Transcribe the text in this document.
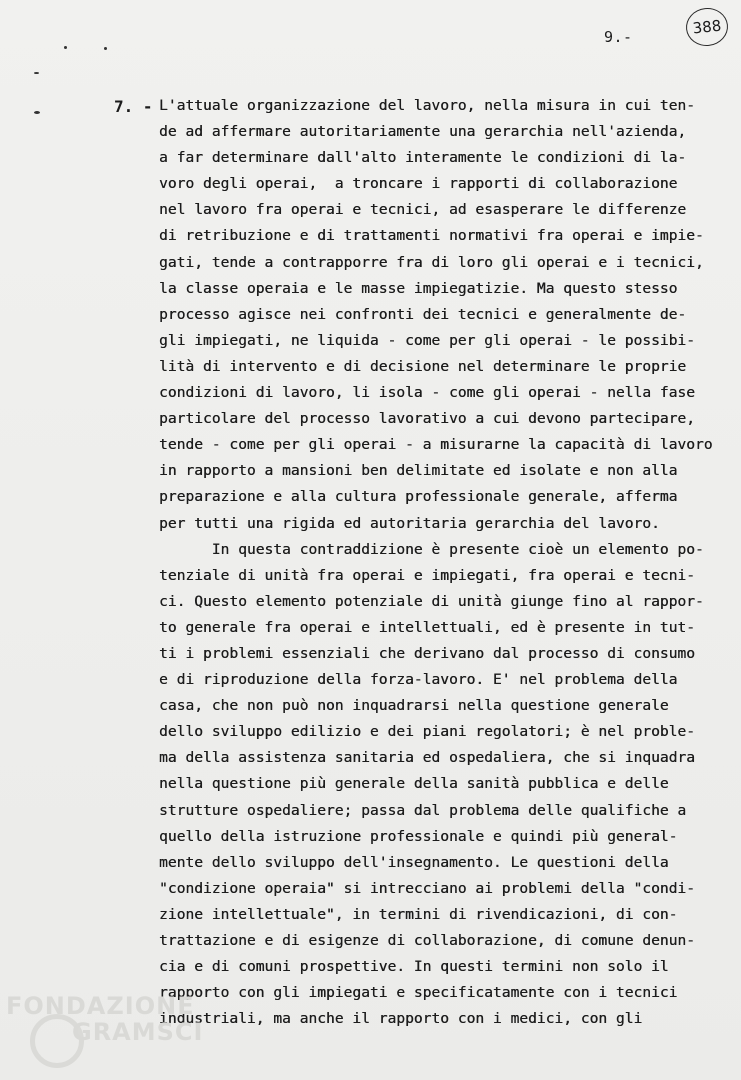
9.-	388
7. - L'attuale organizzazione del lavoro, nella misura in cui ten-
de ad affermare autoritariamente una gerarchia nell'azienda,
a far determinare dall'alto interamente le condizioni di la-
voro degli operai,  a troncare i rapporti di collaborazione
nel lavoro fra operai e tecnici, ad esasperare le differenze
di retribuzione e di trattamenti normativi fra operai e impie-
gati, tende a contrapporre fra di loro gli operai e i tecnici,
la classe operaia e le masse impiegatizie. Ma questo stesso
processo agisce nei confronti dei tecnici e generalmente de-
gli impiegati, ne liquida - come per gli operai - le possibi-
lità di intervento e di decisione nel determinare le proprie
condizioni di lavoro, li isola - come gli operai - nella fase
particolare del processo lavorativo a cui devono partecipare,
tende - come per gli operai - a misurarne la capacità di lavoro
in rapporto a mansioni ben delimitate ed isolate e non alla
preparazione e alla cultura professionale generale, afferma
per tutti una rigida ed autoritaria gerarchia del lavoro.
In questa contraddizione è presente cioè un elemento po-
tenziale di unità fra operai e impiegati, fra operai e tecni-
ci. Questo elemento potenziale di unità giunge fino al rappor-
to generale fra operai e intellettuali, ed è presente in tut-
ti i problemi essenziali che derivano dal processo di consumo
e di riproduzione della forza-lavoro. E' nel problema della
casa, che non può non inquadrarsi nella questione generale
dello sviluppo edilizio e dei piani regolatori; è nel proble-
ma della assistenza sanitaria ed ospedaliera, che si inquadra
nella questione più generale della sanità pubblica e delle
strutture ospedaliere; passa dal problema delle qualifiche a
quello della istruzione professionale e quindi più general-
mente dello sviluppo dell'insegnamento. Le questioni della
"condizione operaia" si intrecciano ai problemi della "condi-
zione intellettuale", in termini di rivendicazioni, di con-
trattazione e di esigenze di collaborazione, di comune denun-
cia e di comuni prospettive. In questi termini non solo il
rapporto con gli impiegati e specificatamente con i tecnici
industriali, ma anche il rapporto con i medici, con gli
FONDAZIONE
GRAMSCI
